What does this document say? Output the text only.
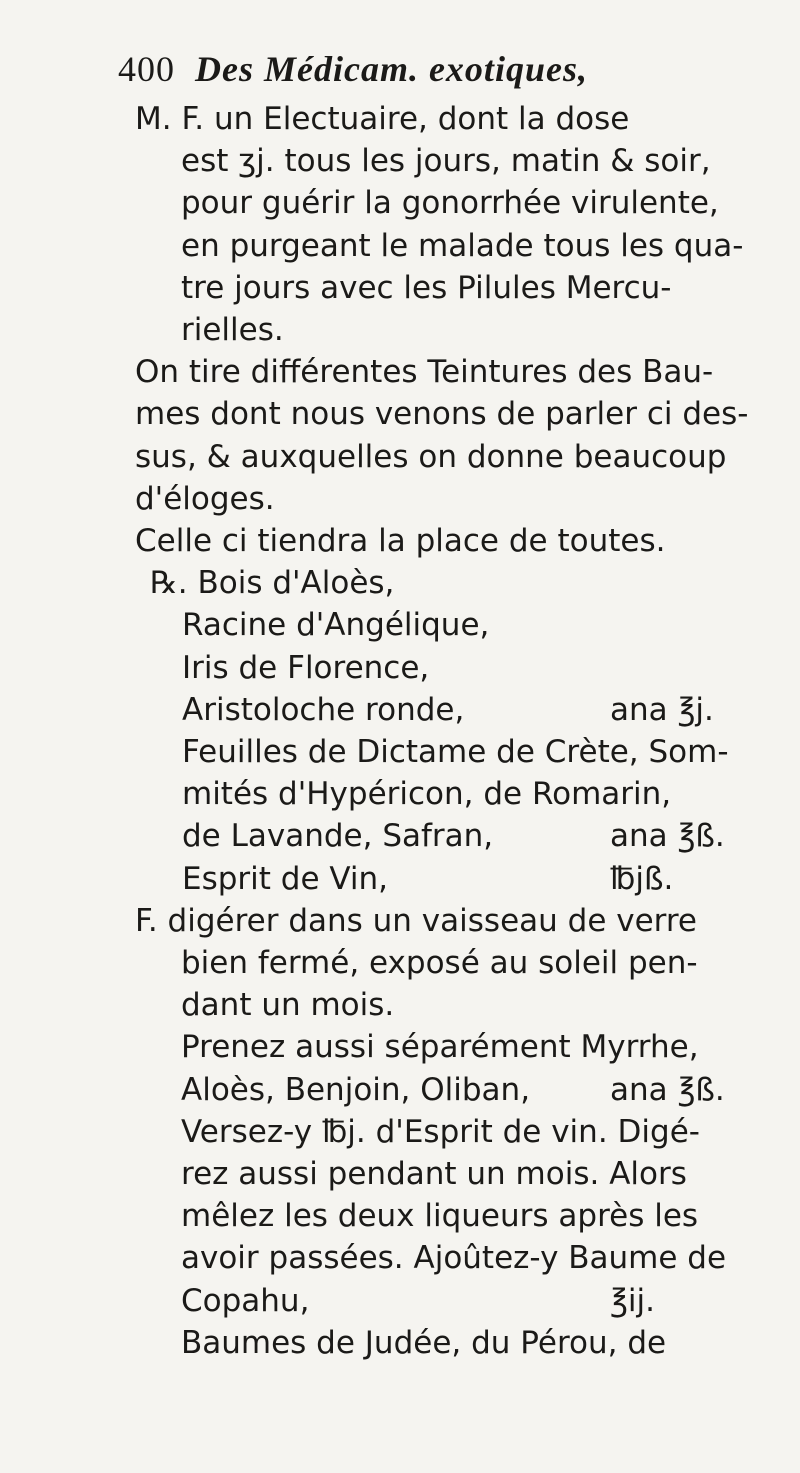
400 Des Médicam. exotiques,
M. F. un Electuaire, dont la dose
est ʒj. tous les jours, matin & soir,
pour guérir la gonorrhée virulente,
en purgeant le malade tous les qua-
tre jours avec les Pilules Mercu-
rielles.
On tire différentes Teintures des Bau-
mes dont nous venons de parler ci des-
sus, & auxquelles on donne beaucoup
d'éloges.
Celle ci tiendra la place de toutes.
℞. Bois d'Aloès,
Racine d'Angélique,
Iris de Florence,
Aristoloche ronde,	ana ℥j.
Feuilles de Dictame de Crète, Som-
mités d'Hypéricon, de Romarin,
de Lavande, Safran,	ana ℥ß.
Esprit de Vin,	℔jß.
F. digérer dans un vaisseau de verre
bien fermé, exposé au soleil pen-
dant un mois.
Prenez aussi séparément Myrrhe,
Aloès, Benjoin, Oliban,	ana ℥ß.
Versez-y ℔j. d'Esprit de vin. Digé-
rez aussi pendant un mois. Alors
mêlez les deux liqueurs après les
avoir passées. Ajoûtez-y Baume de
Copahu,	℥ij.
Baumes de Judée, du Pérou, de
